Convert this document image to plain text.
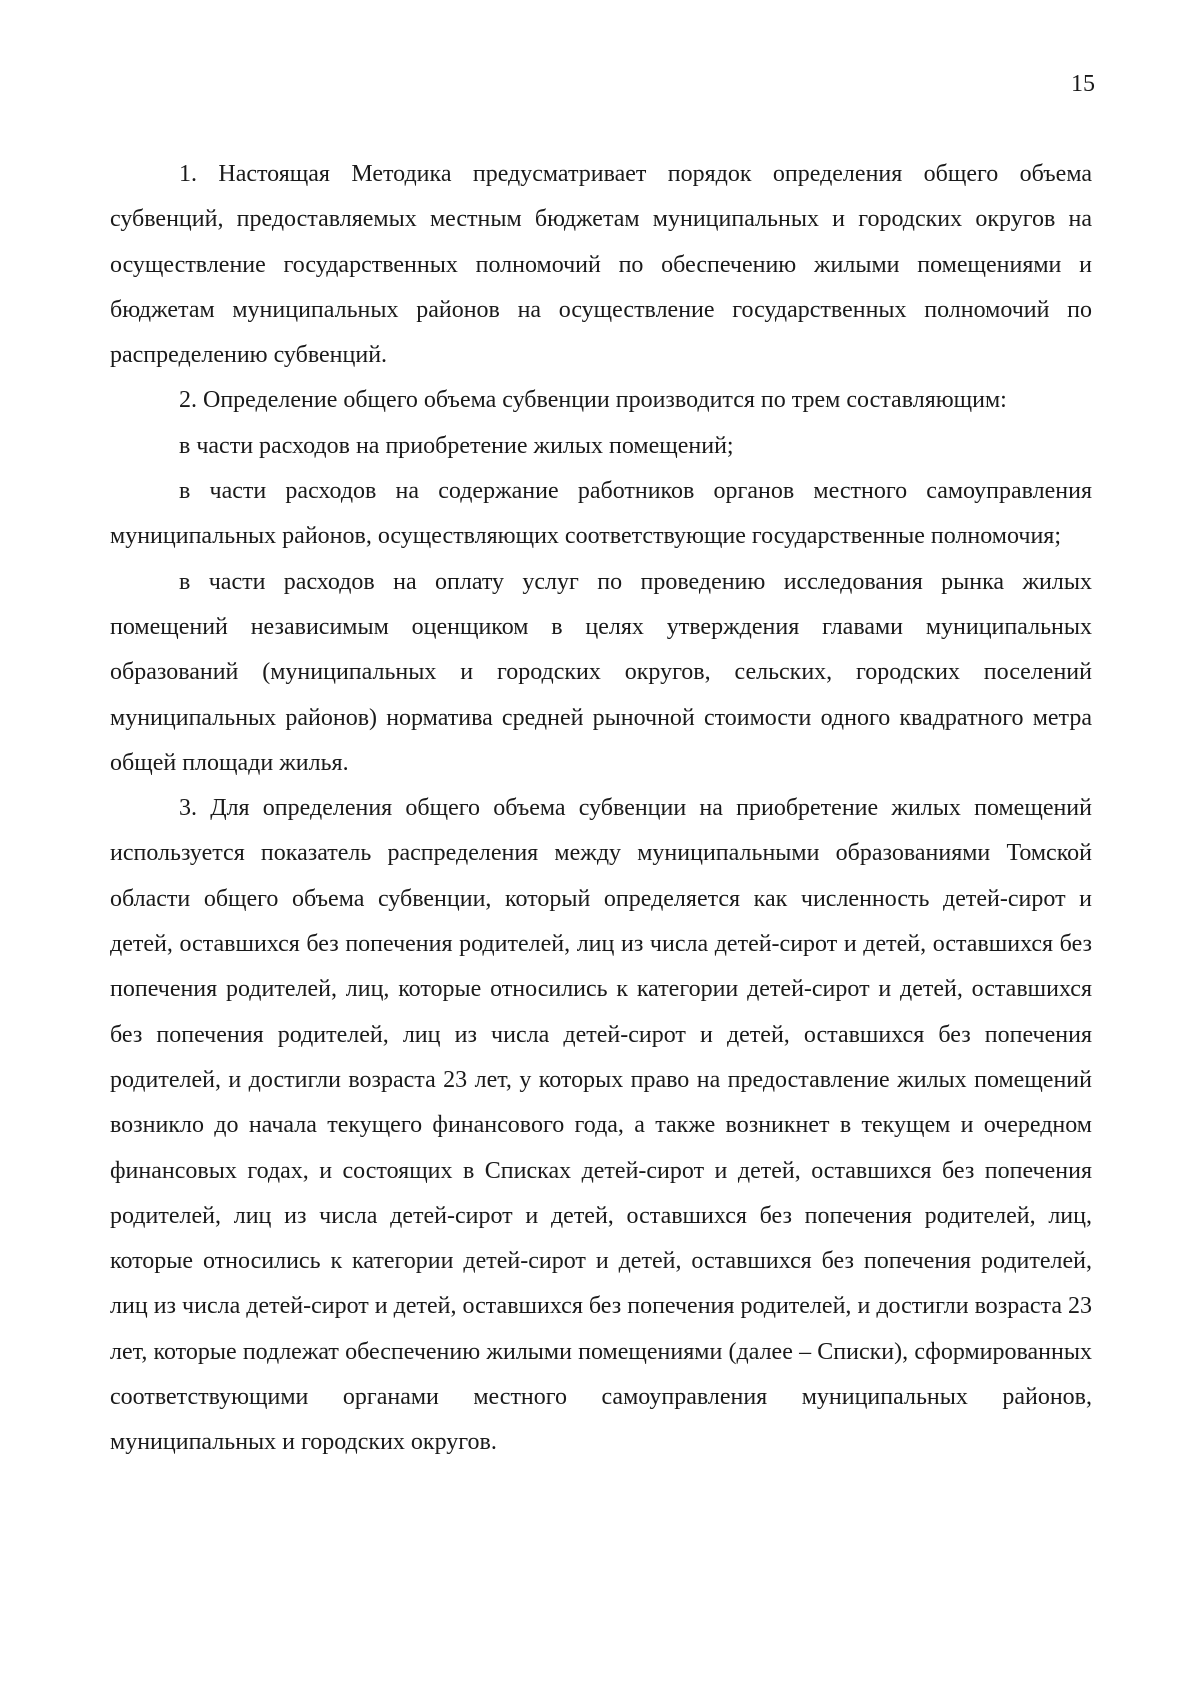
15

1. Настоящая Методика предусматривает порядок определения общего объема субвенций, предоставляемых местным бюджетам муниципальных и городских округов на осуществление государственных полномочий по обеспечению жилыми помещениями и бюджетам муниципальных районов на осуществление государственных полномочий по распределению субвенций.

2. Определение общего объема субвенции производится по трем составляющим:

в части расходов на приобретение жилых помещений;

в части расходов на содержание работников органов местного самоуправления муниципальных районов, осуществляющих соответствующие государственные полномочия;

в части расходов на оплату услуг по проведению исследования рынка жилых помещений независимым оценщиком в целях утверждения главами муниципальных образований (муниципальных и городских округов, сельских, городских поселений муниципальных районов) норматива средней рыночной стоимости одного квадратного метра общей площади жилья.

3. Для определения общего объема субвенции на приобретение жилых помещений используется показатель распределения между муниципальными образованиями Томской области общего объема субвенции, который определяется как численность детей-сирот и детей, оставшихся без попечения родителей, лиц из числа детей-сирот и детей, оставшихся без попечения родителей, лиц, которые относились к категории детей-сирот и детей, оставшихся без попечения родителей, лиц из числа детей-сирот и детей, оставшихся без попечения родителей, и достигли возраста 23 лет, у которых право на предоставление жилых помещений возникло до начала текущего финансового года, а также возникнет в текущем и очередном финансовых годах, и состоящих в Списках детей-сирот и детей, оставшихся без попечения родителей, лиц из числа детей-сирот и детей, оставшихся без попечения родителей, лиц, которые относились к категории детей-сирот и детей, оставшихся без попечения родителей, лиц из числа детей-сирот и детей, оставшихся без попечения родителей, и достигли возраста 23 лет, которые подлежат обеспечению жилыми помещениями (далее – Списки), сформированных соответствующими органами местного самоуправления муниципальных районов, муниципальных и городских округов.
